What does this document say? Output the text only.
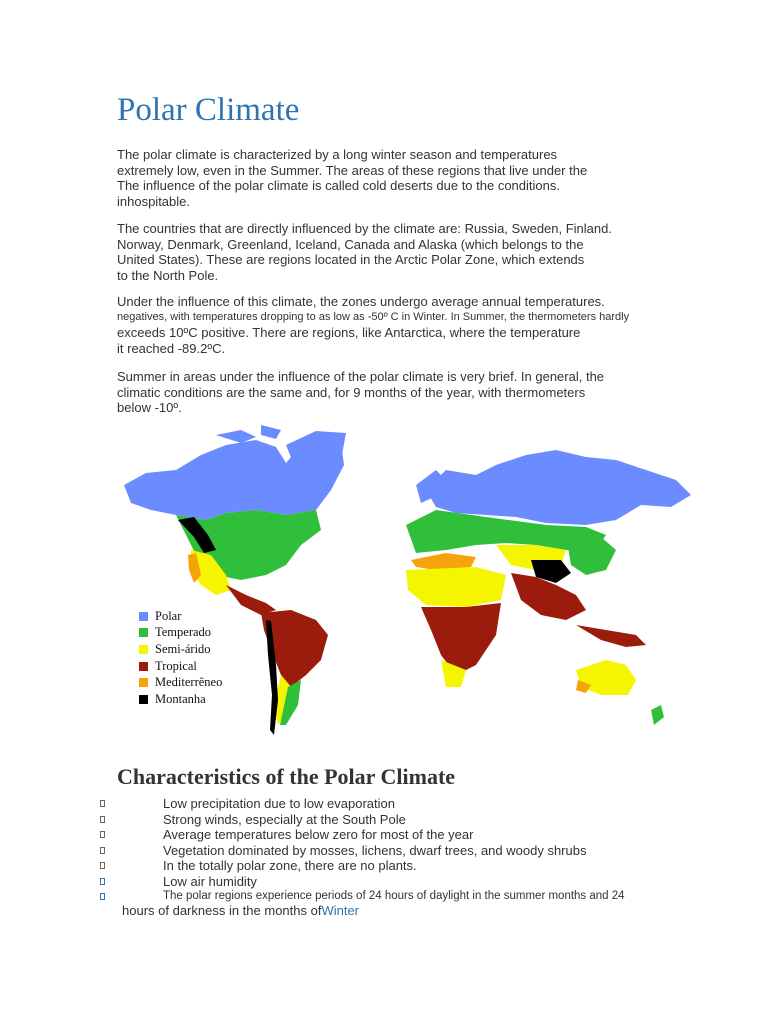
Polar Climate
The polar climate is characterized by a long winter season and temperatures
extremely low, even in the Summer. The areas of these regions that live under the
The influence of the polar climate is called cold deserts due to the conditions.
inhospitable.
The countries that are directly influenced by the climate are: Russia, Sweden, Finland.
Norway, Denmark, Greenland, Iceland, Canada and Alaska (which belongs to the
United States). These are regions located in the Arctic Polar Zone, which extends
to the North Pole.
Under the influence of this climate, the zones undergo average annual temperatures.
negatives, with temperatures dropping to as low as -50º C in Winter. In Summer, the thermometers hardly
exceeds 10ºC positive. There are regions, like Antarctica, where the temperature
it reached -89.2ºC.
Summer in areas under the influence of the polar climate is very brief. In general, the
climatic conditions are the same and, for 9 months of the year, with thermometers
below -10º.
Polar
Temperado
Semi-árido
Tropical
Mediterrêneo
Montanha
Characteristics of the Polar Climate
Low precipitation due to low evaporation
Strong winds, especially at the South Pole
Average temperatures below zero for most of the year
Vegetation dominated by mosses, lichens, dwarf trees, and woody shrubs
In the totally polar zone, there are no plants.
Low air humidity
The polar regions experience periods of 24 hours of daylight in the summer months and 24
hours of darkness in the months ofWinter
